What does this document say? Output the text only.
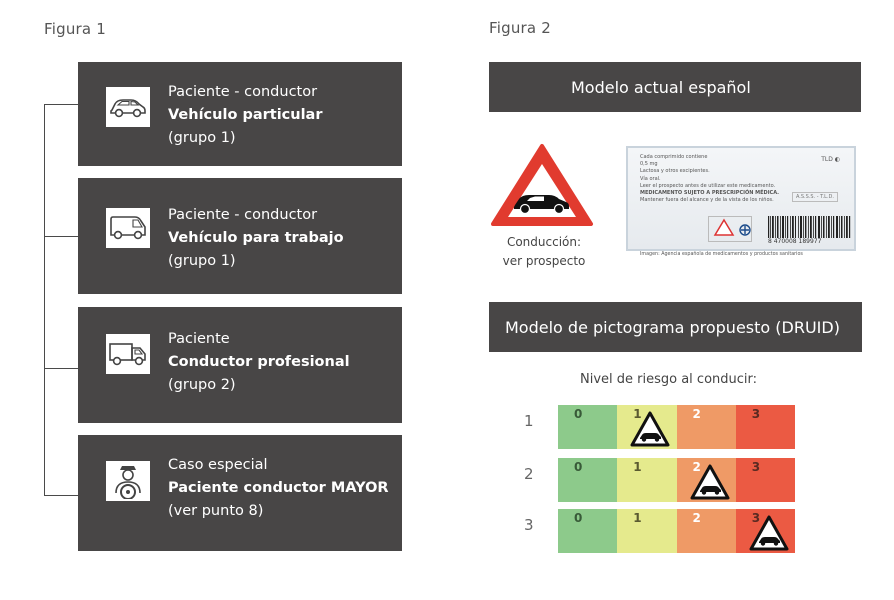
Figura 1
Paciente - conductor
Vehículo particular
(grupo 1)
Paciente - conductor
Vehículo para trabajo
(grupo 1)
Paciente
Conductor profesional
(grupo 2)
Caso especial
Paciente conductor MAYOR
(ver punto 8)
Figura 2
Modelo actual español
Conducción:
ver prospecto
Cada comprimido contiene
0,5 mg
Lactosa y otros excipientes.
Vía oral.
Leer el prospecto antes de utilizar este medicamento.
MEDICAMENTO SUJETO A PRESCRIPCIÓN MÉDICA.
Mantener fuera del alcance y de la vista de los niños.
TLD ◐
A.S.S.S. - T.L.D.
8 470008 189977
Imagen: Agencia española de medicamentos y productos sanitarios
Modelo de pictograma propuesto (DRUID)
Nivel de riesgo al conducir:
1	0	1	2	3
2	0	1	2	3
3	0	1	2	3
